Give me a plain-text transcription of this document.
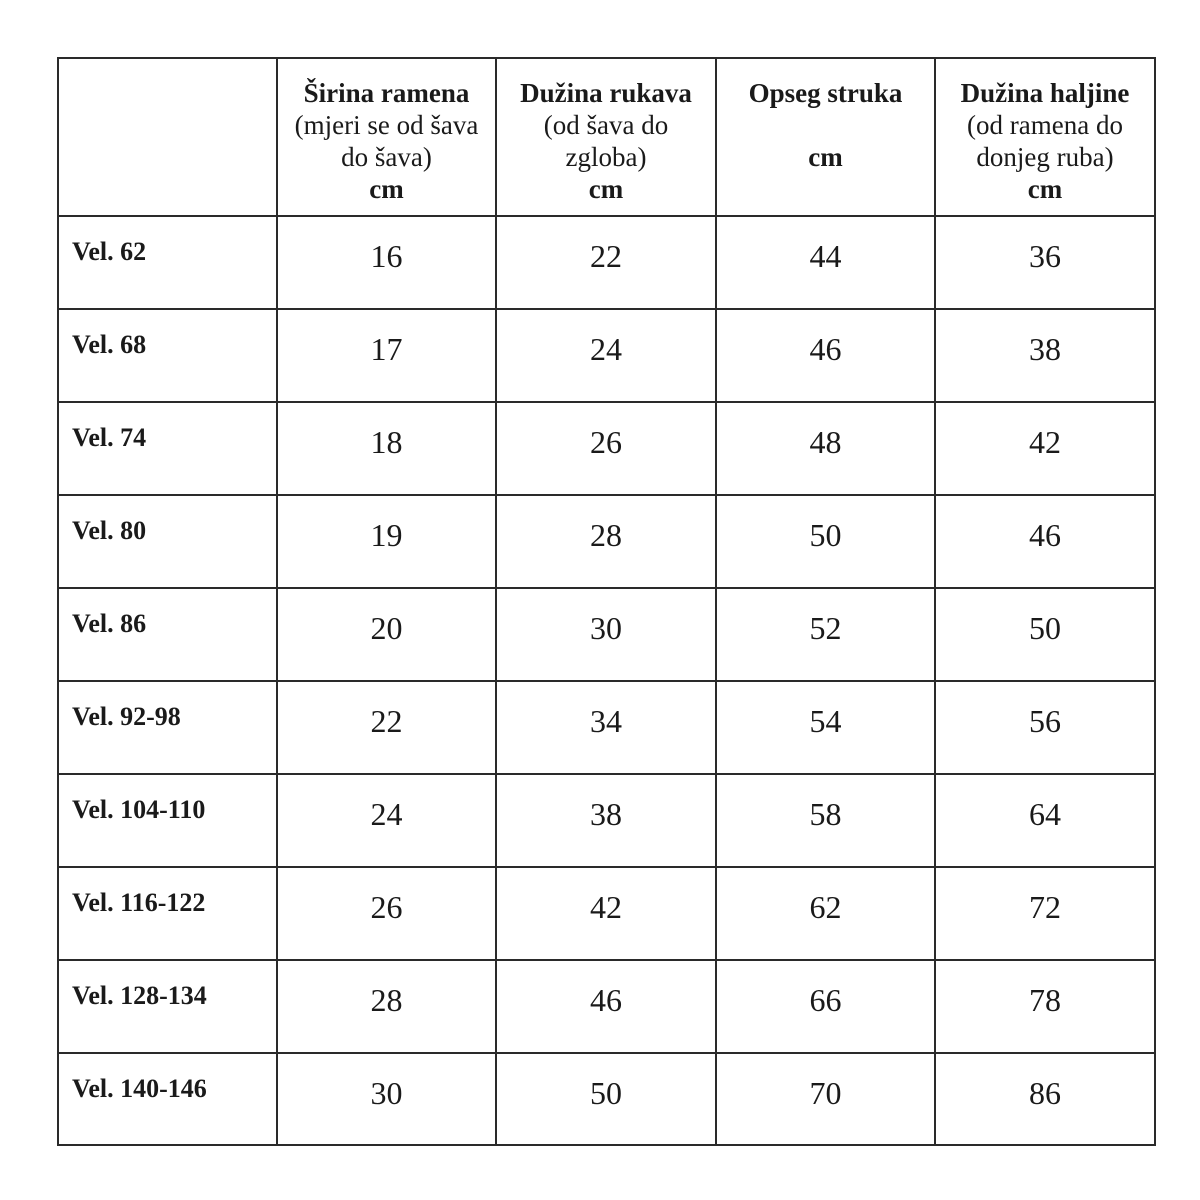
	Širina ramena
(mjeri se od šava
do šava)
cm	Dužina rukava
(od šava do
zgloba)
cm	Opseg struka
cm	Dužina haljine
(od ramena do
donjeg ruba)
cm

Vel. 62	16	22	44	36
Vel. 68	17	24	46	38
Vel. 74	18	26	48	42
Vel. 80	19	28	50	46
Vel. 86	20	30	52	50
Vel. 92-98	22	34	54	56
Vel. 104-110	24	38	58	64
Vel. 116-122	26	42	62	72
Vel. 128-134	28	46	66	78
Vel. 140-146	30	50	70	86
